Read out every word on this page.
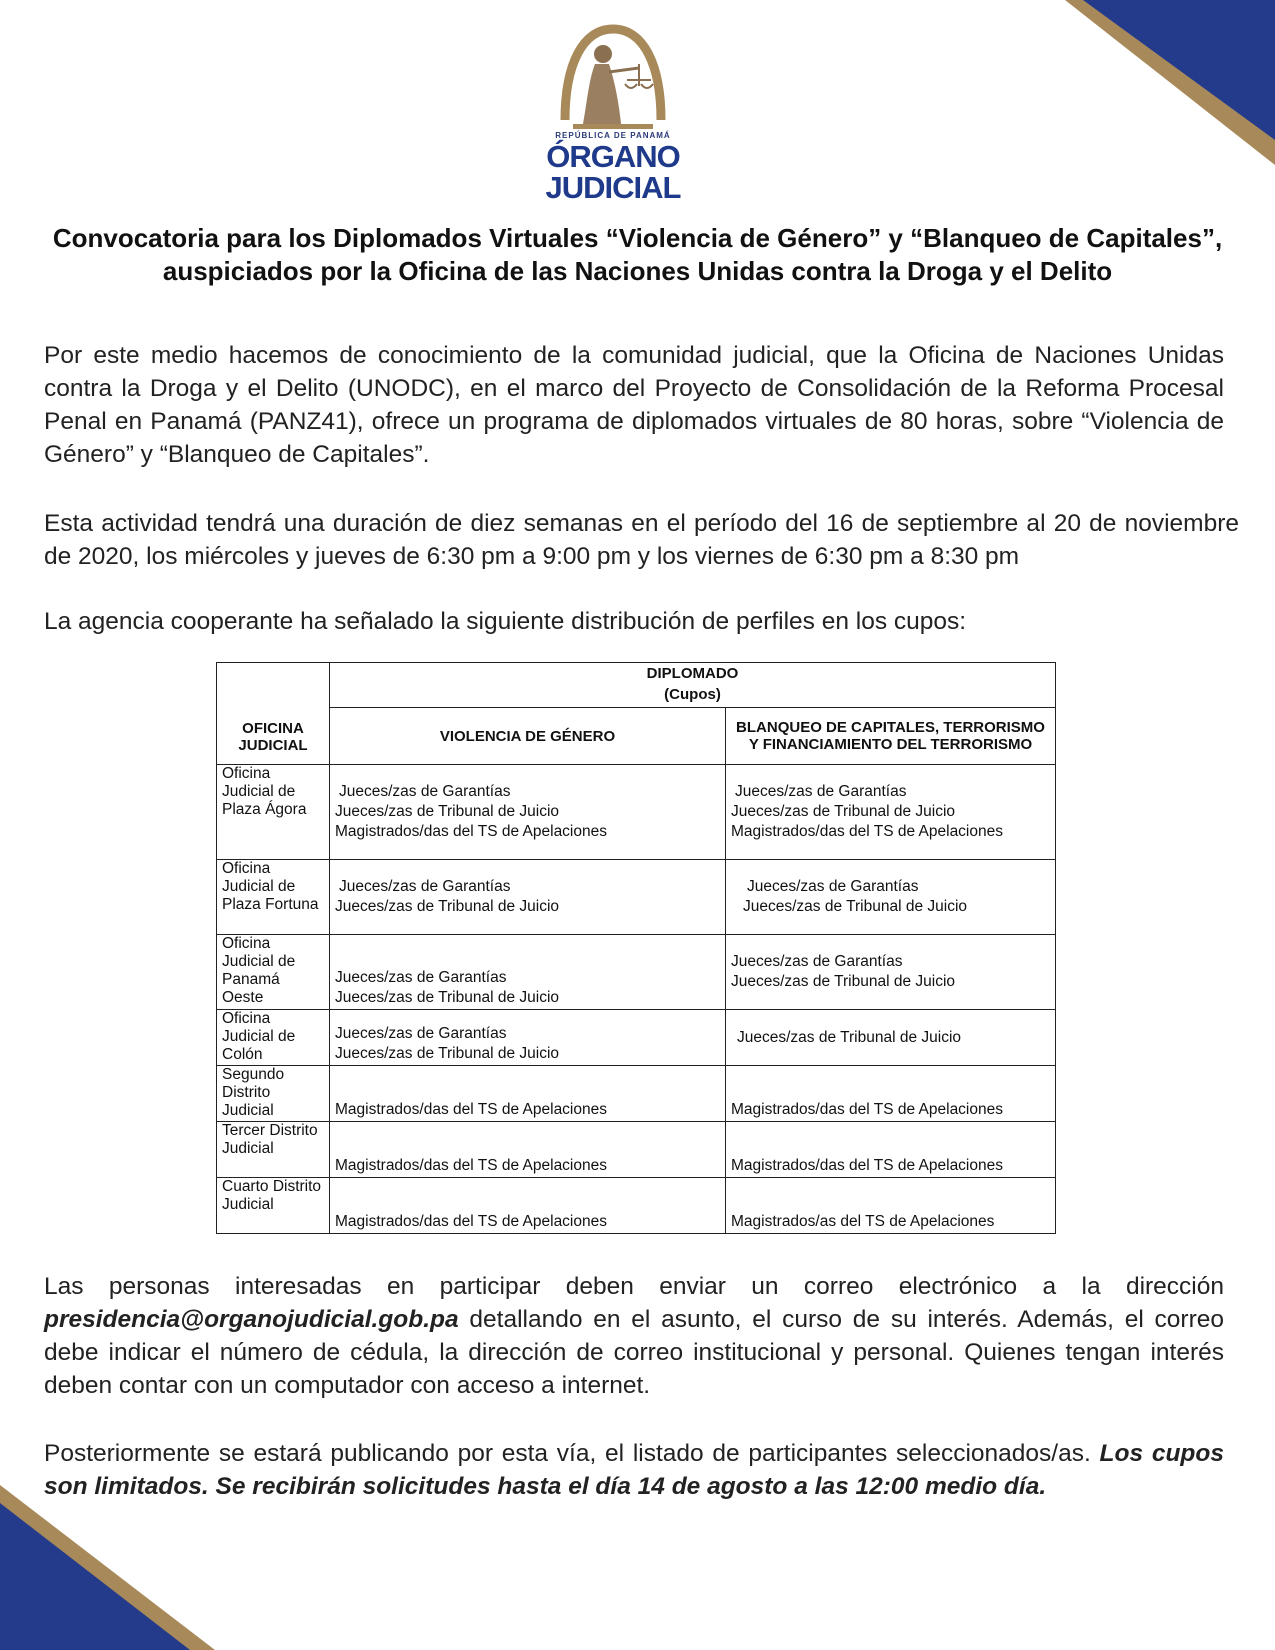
REPÚBLICA DE PANAMÁ
ÓRGANO
JUDICIAL
Convocatoria para los Diplomados Virtuales “Violencia de Género” y “Blanqueo de Capitales”, auspiciados por la Oficina de las Naciones Unidas contra la Droga y el Delito
Por este medio hacemos de conocimiento de la comunidad judicial, que la Oficina de Naciones Unidas contra la Droga y el Delito (UNODC), en el marco del Proyecto de Consolidación de la Reforma Procesal Penal en Panamá (PANZ41), ofrece un programa de diplomados virtuales de 80 horas, sobre “Violencia de Género” y “Blanqueo de Capitales”.
Esta actividad tendrá una duración de diez semanas en el período del 16 de septiembre al 20 de noviembre de 2020, los miércoles y jueves de 6:30 pm a 9:00 pm y los viernes de 6:30 pm a 8:30 pm
La agencia cooperante ha señalado la siguiente distribución de perfiles en los cupos:
OFICINA JUDICIAL	DIPLOMADO
(Cupos)	

	VIOLENCIA DE GÉNERO	BLANQUEO DE CAPITALES, TERRORISMO Y FINANCIAMIENTO DEL TERRORISMO
Oficina Judicial de Plaza Ágora	Jueces/zas de Garantías
Jueces/zas de Tribunal de Juicio
Magistrados/das del TS de Apelaciones	Jueces/zas de Garantías
Jueces/zas de Tribunal de Juicio
Magistrados/das del TS de Apelaciones

Oficina Judicial de Plaza Fortuna	Jueces/zas de Garantías
Jueces/zas de Tribunal de Juicio	Jueces/zas de Garantías
Jueces/zas de Tribunal de Juicio

Oficina Judicial de Panamá Oeste	Jueces/zas de Garantías
Jueces/zas de Tribunal de Juicio	Jueces/zas de Garantías
Jueces/zas de Tribunal de Juicio

Oficina Judicial de Colón	Jueces/zas de Garantías
Jueces/zas de Tribunal de Juicio	Jueces/zas de Tribunal de Juicio

Segundo Distrito Judicial	Magistrados/das del TS de Apelaciones	Magistrados/das del TS de Apelaciones

Tercer Distrito Judicial	Magistrados/das del TS de Apelaciones	Magistrados/das del TS de Apelaciones

Cuarto Distrito Judicial	Magistrados/das del TS de Apelaciones	Magistrados/as del TS de Apelaciones
Las personas interesadas en participar deben enviar un correo electrónico a la dirección presidencia@organojudicial.gob.pa detallando en el asunto, el curso de su interés. Además, el correo debe indicar el número de cédula, la dirección de correo institucional y personal. Quienes tengan interés deben contar con un computador con acceso a internet.
Posteriormente se estará publicando por esta vía, el listado de participantes seleccionados/as. Los cupos son limitados. Se recibirán solicitudes hasta el día 14 de agosto a las 12:00 medio día.
